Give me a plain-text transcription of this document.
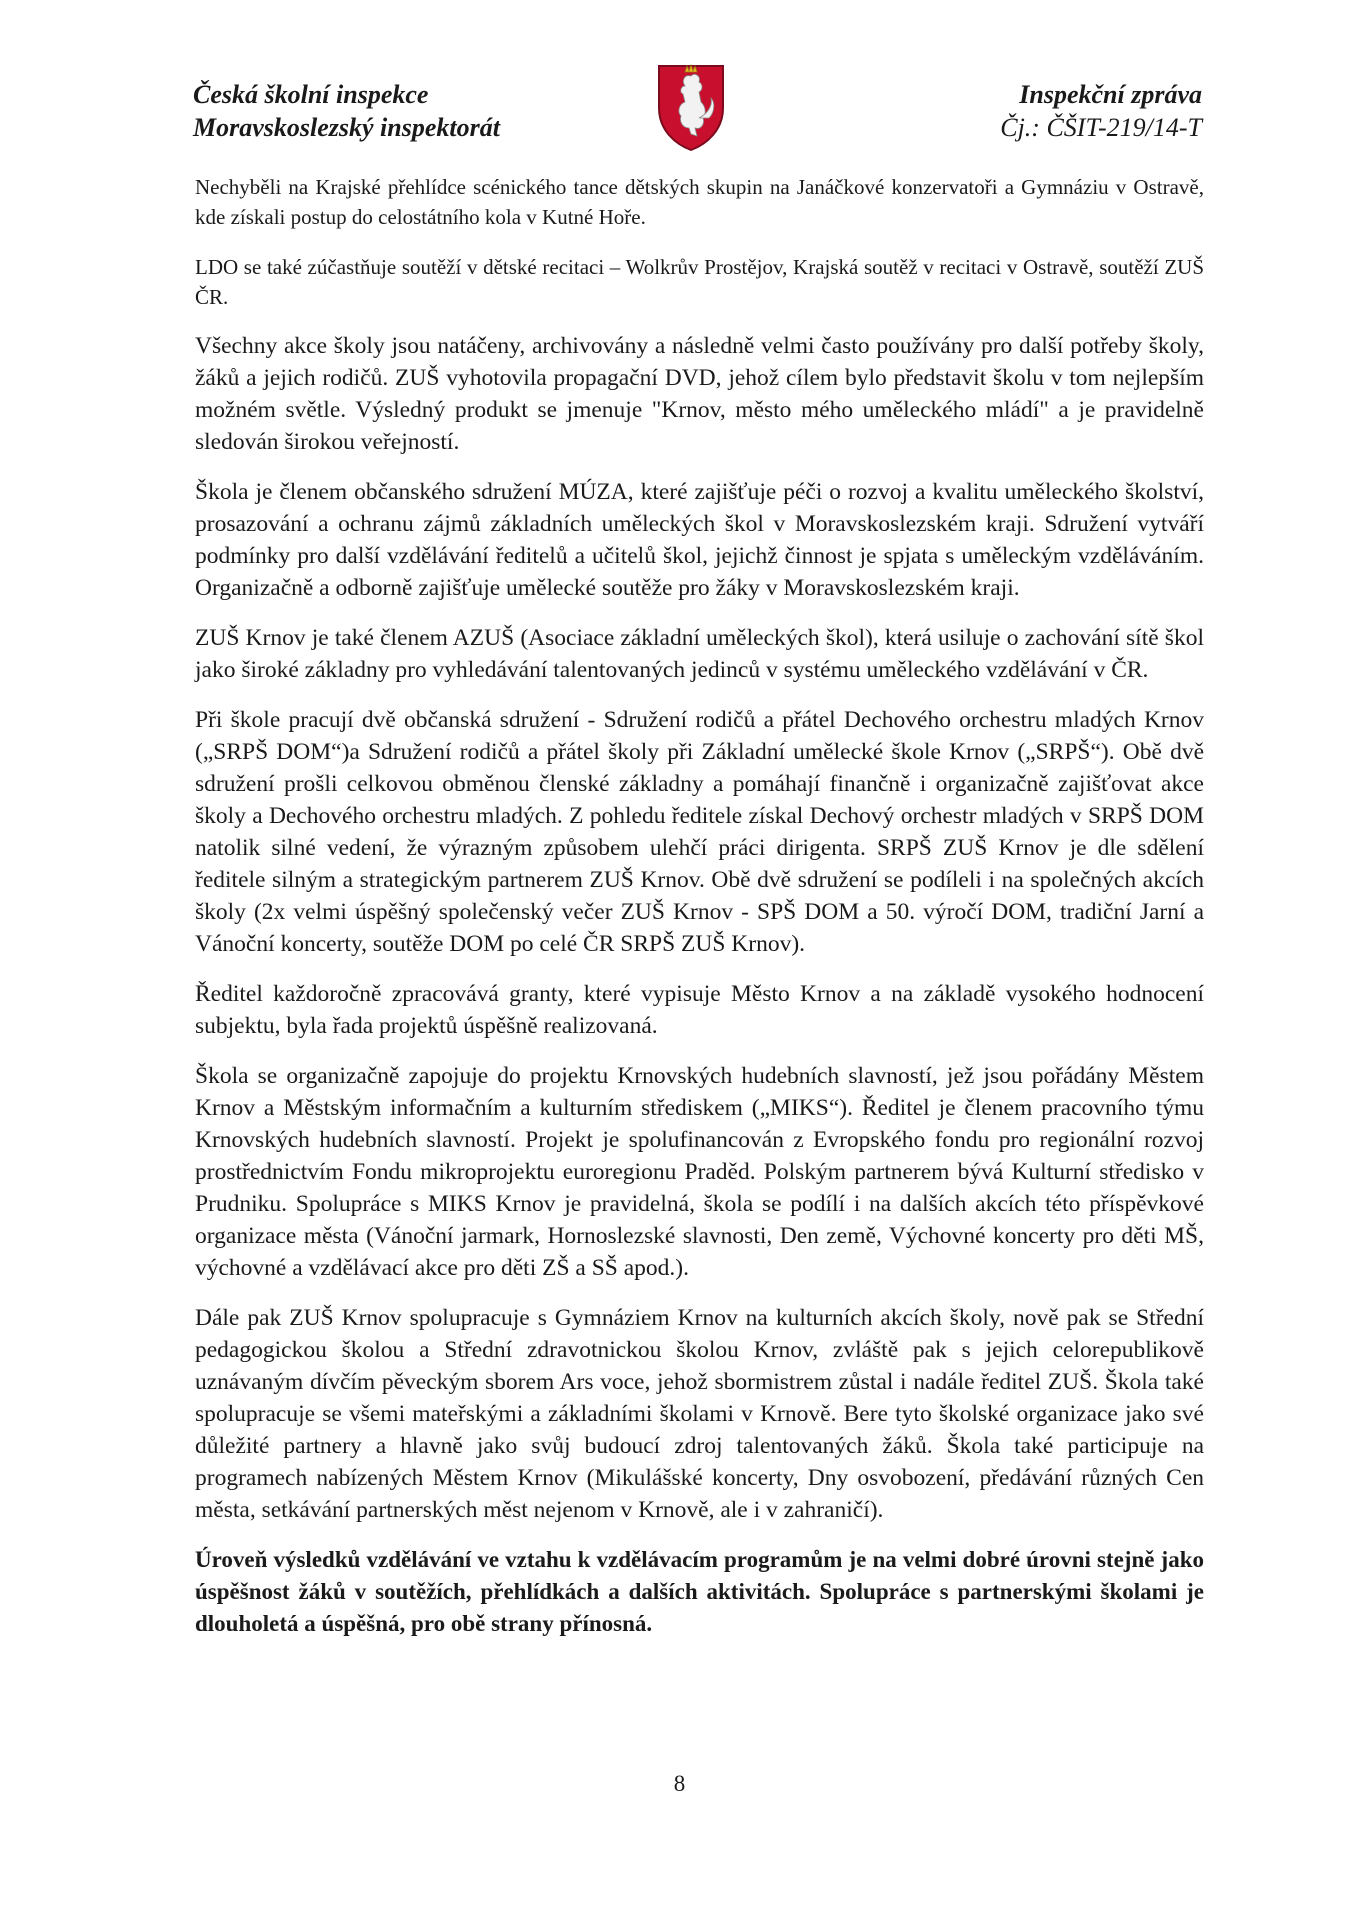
Česká školní inspekce
Moravskoslezský inspektorát
Inspekční zpráva
Čj.: ČŠIT-219/14-T

Nechyběli na Krajské přehlídce scénického tance dětských skupin na Janáčkové konzervatoři a Gymnáziu v Ostravě, kde získali postup do celostátního kola v Kutné Hoře.

LDO se také zúčastňuje soutěží v dětské recitaci – Wolkrův Prostějov, Krajská soutěž v recitaci v Ostravě, soutěží ZUŠ ČR.

Všechny akce školy jsou natáčeny, archivovány a následně velmi často používány pro další potřeby školy, žáků a jejich rodičů. ZUŠ vyhotovila propagační DVD, jehož cílem bylo představit školu v tom nejlepším možném světle. Výsledný produkt se jmenuje "Krnov, město mého uměleckého mládí" a je pravidelně sledován širokou veřejností.

Škola je členem občanského sdružení MÚZA, které zajišťuje péči o rozvoj a kvalitu uměleckého školství, prosazování a ochranu zájmů základních uměleckých škol v Moravskoslezském kraji. Sdružení vytváří podmínky pro další vzdělávání ředitelů a učitelů škol, jejichž činnost je spjata s uměleckým vzděláváním. Organizačně a odborně zajišťuje umělecké soutěže pro žáky v Moravskoslezském kraji.

ZUŠ Krnov je také členem AZUŠ (Asociace základní uměleckých škol), která usiluje o zachování sítě škol jako široké základny pro vyhledávání talentovaných jedinců v systému uměleckého vzdělávání v ČR.

Při škole pracují dvě občanská sdružení - Sdružení rodičů a přátel Dechového orchestru mladých Krnov („SRPŠ DOM“)a Sdružení rodičů a přátel školy při Základní umělecké škole Krnov („SRPŠ“). Obě dvě sdružení prošli celkovou obměnou členské základny a pomáhají finančně i organizačně zajišťovat akce školy a Dechového orchestru mladých. Z pohledu ředitele získal Dechový orchestr mladých v SRPŠ DOM natolik silné vedení, že výrazným způsobem ulehčí práci dirigenta. SRPŠ ZUŠ Krnov je dle sdělení ředitele silným a strategickým partnerem ZUŠ Krnov. Obě dvě sdružení se podíleli i na společných akcích školy (2x velmi úspěšný společenský večer ZUŠ Krnov - SPŠ DOM a 50. výročí DOM, tradiční Jarní a Vánoční koncerty, soutěže DOM po celé ČR SRPŠ ZUŠ Krnov).

Ředitel každoročně zpracovává granty, které vypisuje Město Krnov a na základě vysokého hodnocení subjektu, byla řada projektů úspěšně realizovaná.

Škola se organizačně zapojuje do projektu Krnovských hudebních slavností, jež jsou pořádány Městem Krnov a Městským informačním a kulturním střediskem („MIKS“). Ředitel je členem pracovního týmu Krnovských hudebních slavností. Projekt je spolufinancován z Evropského fondu pro regionální rozvoj prostřednictvím Fondu mikroprojektu euroregionu Praděd. Polským partnerem bývá Kulturní středisko v Prudniku. Spolupráce s MIKS Krnov je pravidelná, škola se podílí i na dalších akcích této příspěvkové organizace města (Vánoční jarmark, Hornoslezské slavnosti, Den země, Výchovné koncerty pro děti MŠ, výchovné a vzdělávací akce pro děti ZŠ a SŠ apod.).

Dále pak ZUŠ Krnov spolupracuje s Gymnáziem Krnov na kulturních akcích školy, nově pak se Střední pedagogickou školou a Střední zdravotnickou školou Krnov, zvláště pak s jejich celorepublikově uznávaným dívčím pěveckým sborem Ars voce, jehož sbormistrem zůstal i nadále ředitel ZUŠ. Škola také spolupracuje se všemi mateřskými a základními školami v Krnově. Bere tyto školské organizace jako své důležité partnery a hlavně jako svůj budoucí zdroj talentovaných žáků. Škola také participuje na programech nabízených Městem Krnov (Mikulášské koncerty, Dny osvobození, předávání různých Cen města, setkávání partnerských měst nejenom v Krnově, ale i v zahraničí).

Úroveň výsledků vzdělávání ve vztahu k vzdělávacím programům je na velmi dobré úrovni stejně jako úspěšnost žáků v soutěžích, přehlídkách a dalších aktivitách. Spolupráce s partnerskými školami je dlouholetá a úspěšná, pro obě strany přínosná.

8
